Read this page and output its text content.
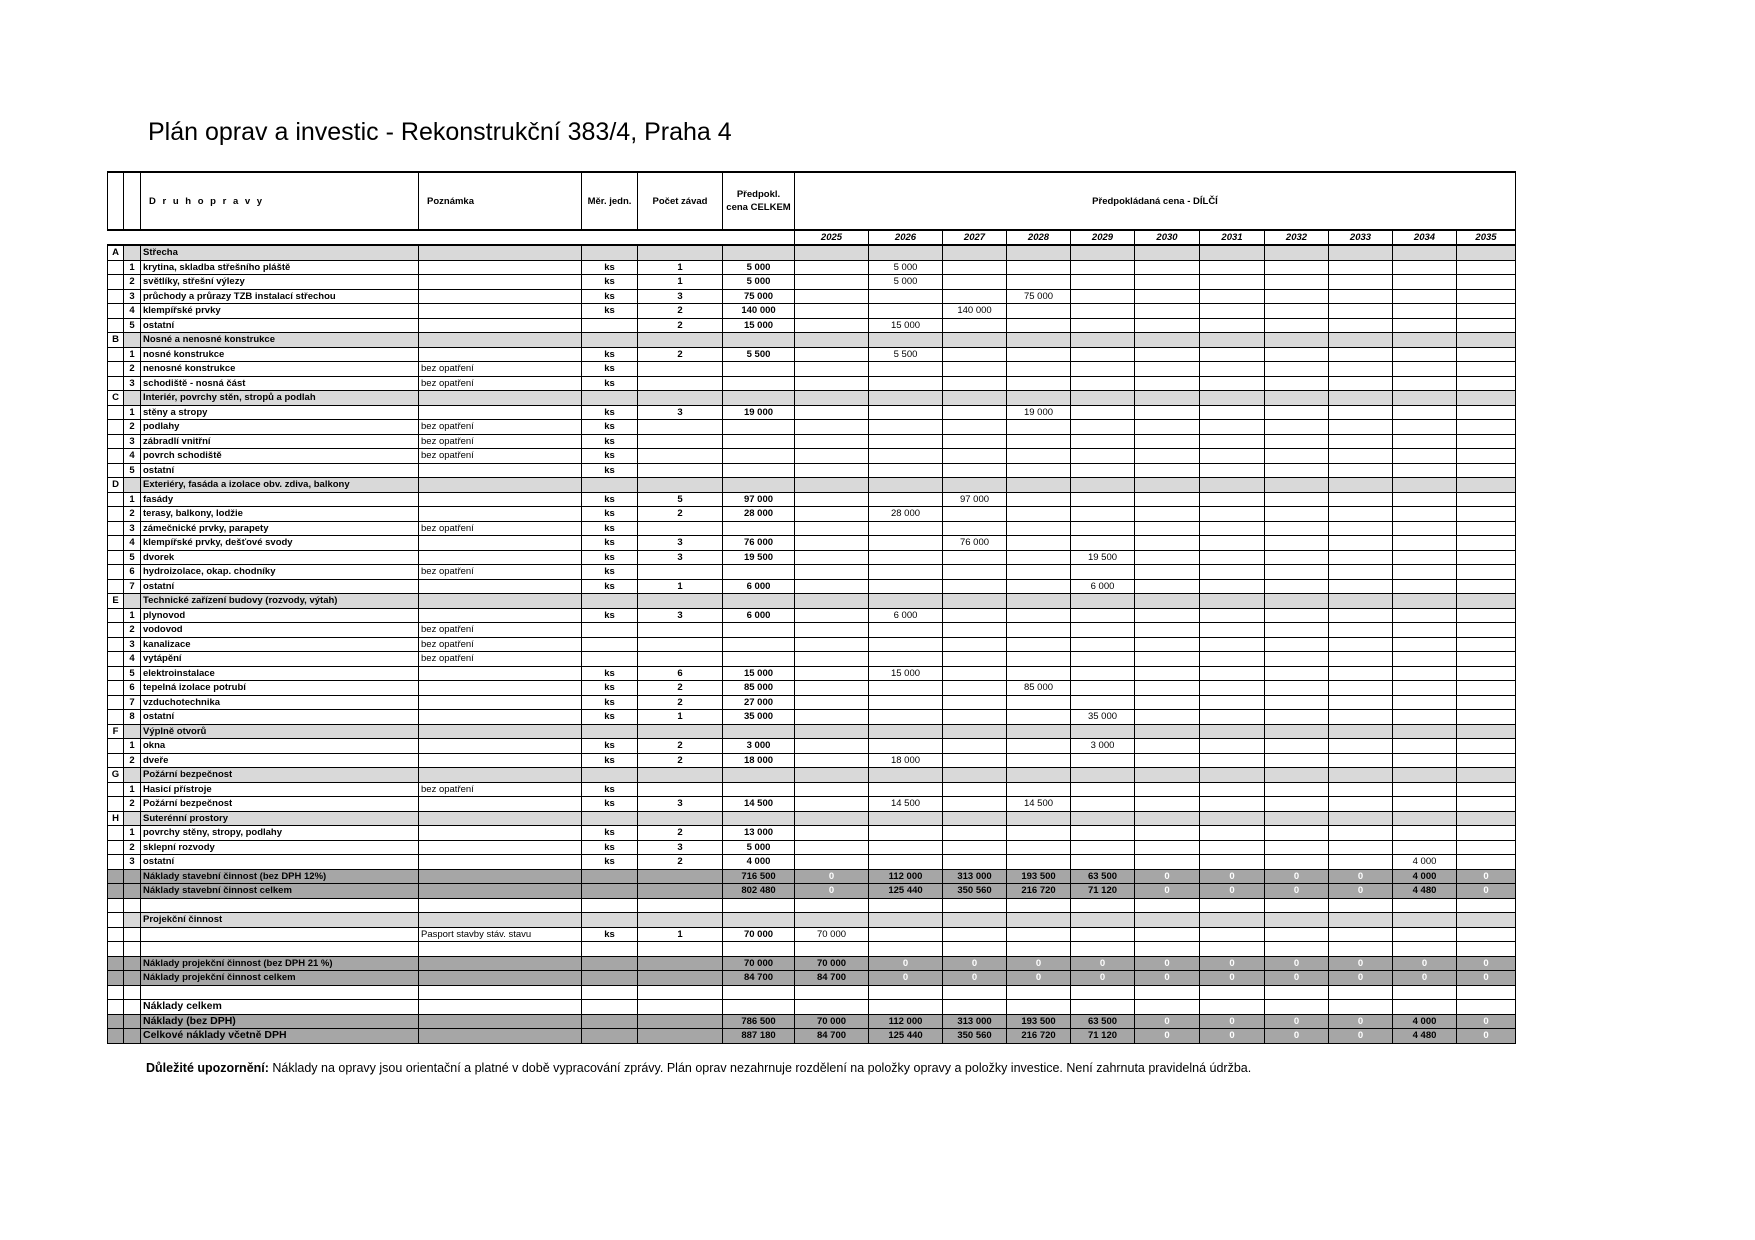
Plán oprav a investic - Rekonstrukční 383/4, Praha 4
		D r u h o p r a v y	Poznámka	Měr. jedn.	Počet závad	Předpokl. cena CELKEM	Předpokládaná cena - DÍLČÍ										
							2025	2026	2027	2028	2029	2030	2031	2032	2033	2034	2035
A		Střecha															
	1	krytina, skladba střešního pláště		ks	1	5 000		5 000									
	2	světlíky, střešní výlezy		ks	1	5 000		5 000									
	3	průchody a průrazy TZB instalací střechou		ks	3	75 000				75 000							
	4	klempířské prvky		ks	2	140 000			140 000								
	5	ostatní			2	15 000		15 000									
B		Nosné a nenosné konstrukce															
	1	nosné konstrukce		ks	2	5 500		5 500									
	2	nenosné konstrukce	bez opatření	ks													
	3	schodiště - nosná část	bez opatření	ks													
C		Interiér, povrchy stěn, stropů a podlah															
	1	stěny a stropy		ks	3	19 000				19 000							
	2	podlahy	bez opatření	ks													
	3	zábradlí vnitřní	bez opatření	ks													
	4	povrch schodiště	bez opatření	ks													
	5	ostatní		ks													
D		Exteriéry, fasáda a izolace obv. zdiva, balkony															
	1	fasády		ks	5	97 000			97 000								
	2	terasy, balkony, lodžie		ks	2	28 000		28 000									
	3	zámečnické prvky, parapety	bez opatření	ks													
	4	klempířské prvky, dešťové svody		ks	3	76 000			76 000								
	5	dvorek		ks	3	19 500					19 500						
	6	hydroizolace, okap. chodníky	bez opatření	ks													
	7	ostatní		ks	1	6 000					6 000						
E		Technické zařízení budovy (rozvody, výtah)															
	1	plynovod		ks	3	6 000		6 000									
	2	vodovod	bez opatření														
	3	kanalizace	bez opatření														
	4	vytápění	bez opatření														
	5	elektroinstalace		ks	6	15 000		15 000									
	6	tepelná izolace potrubí		ks	2	85 000				85 000							
	7	vzduchotechnika		ks	2	27 000											
	8	ostatní		ks	1	35 000					35 000						
F		Výplně otvorů															
	1	okna		ks	2	3 000					3 000						
	2	dveře		ks	2	18 000		18 000									
G		Požární bezpečnost															
	1	Hasicí přístroje	bez opatření	ks													
	2	Požární bezpečnost		ks	3	14 500		14 500		14 500							
H		Suterénní prostory															
	1	povrchy stěny, stropy, podlahy		ks	2	13 000											
	2	sklepní rozvody		ks	3	5 000											
	3	ostatní		ks	2	4 000										4 000	
		Náklady stavební činnost (bez DPH 12%)				716 500	0	112 000	313 000	193 500	63 500	0	0	0	0	4 000	0
		Náklady stavební činnost celkem				802 480	0	125 440	350 560	216 720	71 120	0	0	0	0	4 480	0

		Projekční činnost															
			Pasport stavby stáv. stavu	ks	1	70 000	70 000										

		Náklady projekční činnost (bez DPH 21 %)				70 000	70 000	0	0	0	0	0	0	0	0	0	0
		Náklady projekční činnost celkem				84 700	84 700	0	0	0	0	0	0	0	0	0	0

		Náklady celkem															
		Náklady (bez DPH)				786 500	70 000	112 000	313 000	193 500	63 500	0	0	0	0	4 000	0
		Celkové náklady včetně DPH				887 180	84 700	125 440	350 560	216 720	71 120	0	0	0	0	4 480	0
Důležité upozornění: Náklady na opravy jsou orientační a platné v době vypracování zprávy. Plán oprav nezahrnuje rozdělení na položky opravy a položky investice. Není zahrnuta pravidelná údržba.
